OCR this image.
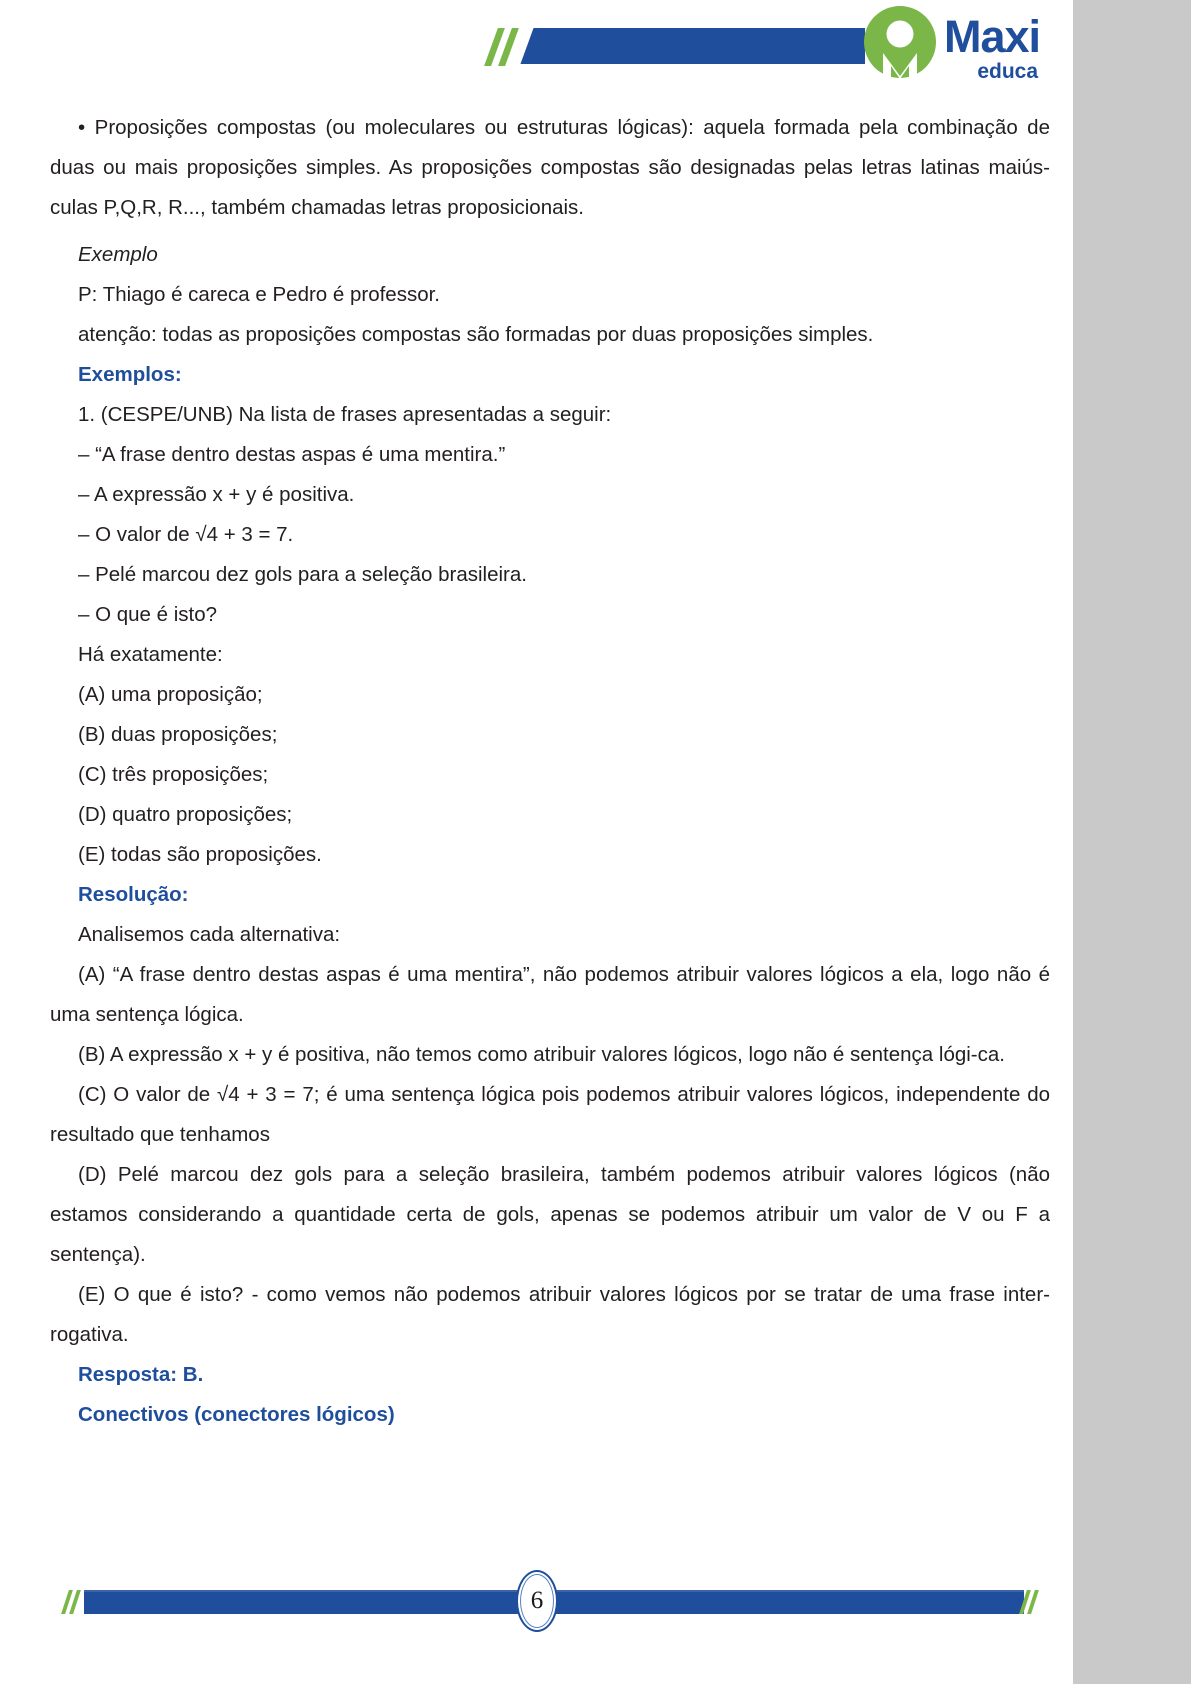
Maxi
educa

• Proposições compostas (ou moleculares ou estruturas lógicas): aquela formada pela combinação de duas ou mais proposições simples. As proposições compostas são designadas pelas letras latinas maiús-culas P,Q,R, R..., também chamadas letras proposicionais.

Exemplo

P: Thiago é careca e Pedro é professor.

atenção: todas as proposições compostas são formadas por duas proposições simples.

Exemplos:

1. (CESPE/UNB) Na lista de frases apresentadas a seguir:

– “A frase dentro destas aspas é uma mentira.”

– A expressão x + y é positiva.

– O valor de √4 + 3 = 7.

– Pelé marcou dez gols para a seleção brasileira.

– O que é isto?

Há exatamente:

(A) uma proposição;

(B) duas proposições;

(C) três proposições;

(D) quatro proposições;

(E) todas são proposições.

Resolução:

Analisemos cada alternativa:

(A) “A frase dentro destas aspas é uma mentira”, não podemos atribuir valores lógicos a ela, logo não é uma sentença lógica.

(B) A expressão x + y é positiva, não temos como atribuir valores lógicos, logo não é sentença lógi-ca.

(C) O valor de √4 + 3 = 7; é uma sentença lógica pois podemos atribuir valores lógicos, independente do resultado que tenhamos

(D) Pelé marcou dez gols para a seleção brasileira, também podemos atribuir valores lógicos (não estamos considerando a quantidade certa de gols, apenas se podemos atribuir um valor de V ou F a sentença).

(E) O que é isto? - como vemos não podemos atribuir valores lógicos por se tratar de uma frase inter-rogativa.

Resposta: B.

Conectivos (conectores lógicos)

6
